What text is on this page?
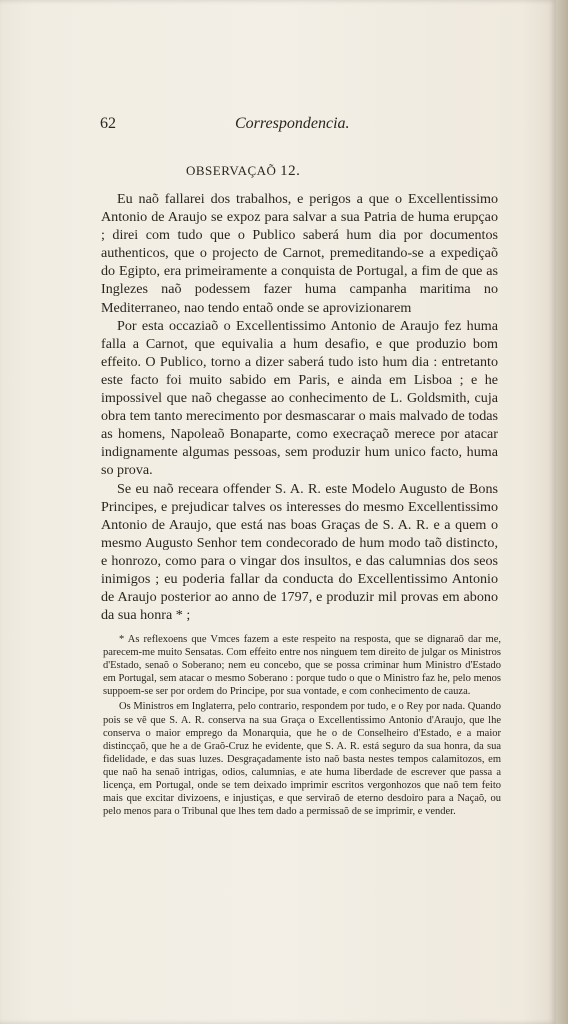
62	Correspondencia.
OBSERVAÇAÕ 12.

Eu naõ fallarei dos trabalhos, e perigos a que o Excellentissimo Antonio de Araujo se expoz para salvar a sua Patria de huma erupçao ; direi com tudo que o Publico saberá hum dia por documentos authenticos, que o projecto de Carnot, premeditando-se a expediçaõ do Egipto, era primeiramente a conquista de Portugal, a fim de que as Inglezes naõ podessem fazer huma campanha maritima no Mediterraneo, nao tendo entaõ onde se aprovizionarem

Por esta occaziaõ o Excellentissimo Antonio de Araujo fez huma falla a Carnot, que equivalia a hum desafio, e que produzio bom effeito. O Publico, torno a dizer saberá tudo isto hum dia : entretanto este facto foi muito sabido em Paris, e ainda em Lisboa ; e he impossivel que naõ chegasse ao conhecimento de L. Goldsmith, cuja obra tem tanto merecimento por desmascarar o mais malvado de todas as homens, Napoleaõ Bonaparte, como execraçaõ merece por atacar indignamente algumas pessoas, sem produzir hum unico facto, huma so prova.

Se eu naõ receara offender S. A. R. este Modelo Augusto de Bons Principes, e prejudicar talves os interesses do mesmo Excellentissimo Antonio de Araujo, que está nas boas Graças de S. A. R. e a quem o mesmo Augusto Senhor tem condecorado de hum modo taõ distincto, e honrozo, como para o vingar dos insultos, e das calumnias dos seos inimigos ; eu poderia fallar da conducta do Excellentissimo Antonio de Araujo posterior ao anno de 1797, e produzir mil provas em abono da sua honra * ;

* As reflexoens que Vmces fazem a este respeito na resposta, que se dignaraõ dar me, parecem-me muito Sensatas. Com effeito entre nos ninguem tem direito de julgar os Ministros d'Estado, senaõ o Soberano; nem eu concebo, que se possa criminar hum Ministro d'Estado em Portugal, sem atacar o mesmo Soberano : porque tudo o que o Ministro faz he, pelo menos suppoem-se ser por ordem do Principe, por sua vontade, e com conhecimento de cauza.

Os Ministros em Inglaterra, pelo contrario, respondem por tudo, e o Rey por nada. Quando pois se vê que S. A. R. conserva na sua Graça o Excellentissimo Antonio d'Araujo, que lhe conserva o maior emprego da Monarquia, que he o de Conselheiro d'Estado, e a maior distincçaõ, que he a de Graõ-Cruz he evidente, que S. A. R. está seguro da sua honra, da sua fidelidade, e das suas luzes. Desgraçadamente isto naõ basta nestes tempos calamitozos, em que naõ ha senaõ intrigas, odios, calumnias, e ate huma liberdade de escrever que passa a licença, em Portugal, onde se tem deixado imprimir escritos vergonhozos que naõ tem feito mais que excitar divizoens, e injustiças, e que serviraõ de eterno desdoiro para a Naçaõ, ou pelo menos para o Tribunal que lhes tem dado a permissaõ de se imprimir, e vender.
